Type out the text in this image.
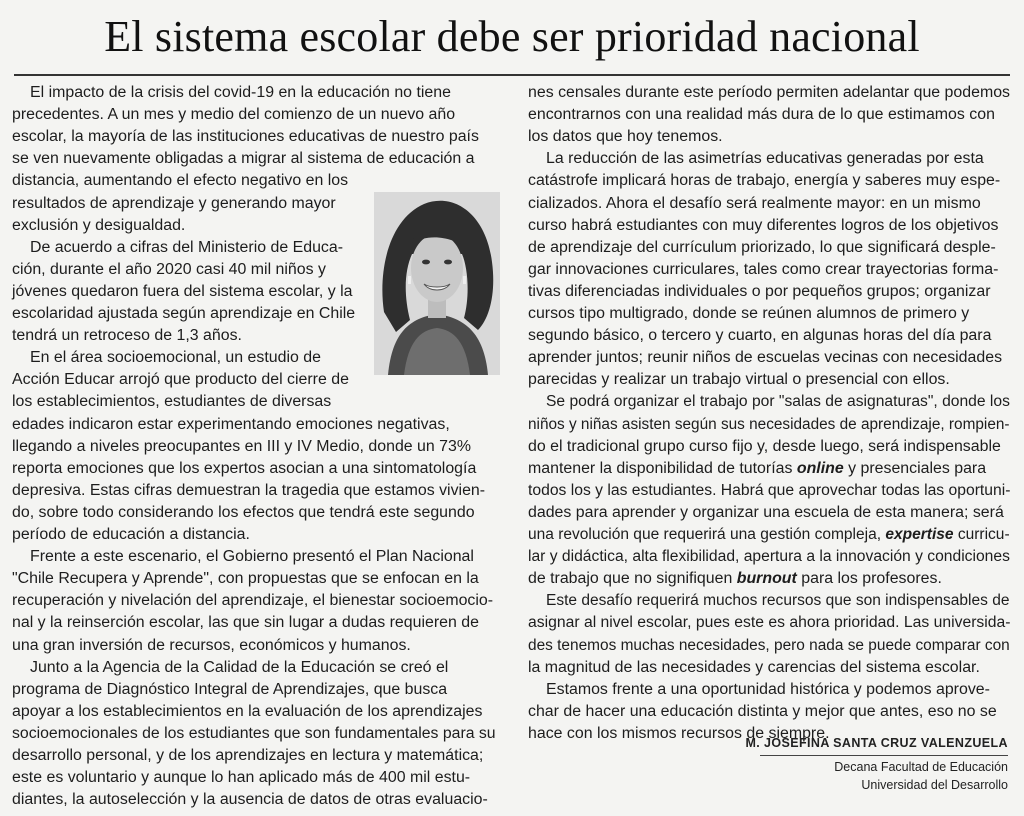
El sistema escolar debe ser prioridad nacional
El impacto de la crisis del covid-19 en la educación no tiene
precedentes. A un mes y medio del comienzo de un nuevo año
escolar, la mayoría de las instituciones educativas de nuestro país
se ven nuevamente obligadas a migrar al sistema de educación a
distancia, aumentando el efecto negativo en los
resultados de aprendizaje y generando mayor
exclusión y desigualdad.
De acuerdo a cifras del Ministerio de Educa-
ción, durante el año 2020 casi 40 mil niños y
jóvenes quedaron fuera del sistema escolar, y la
escolaridad ajustada según aprendizaje en Chile
tendrá un retroceso de 1,3 años.
En el área socioemocional, un estudio de
Acción Educar arrojó que producto del cierre de
los establecimientos, estudiantes de diversas
edades indicaron estar experimentando emociones negativas,
llegando a niveles preocupantes en III y IV Medio, donde un 73%
reporta emociones que los expertos asocian a una sintomatología
depresiva. Estas cifras demuestran la tragedia que estamos vivien-
do, sobre todo considerando los efectos que tendrá este segundo
período de educación a distancia.
Frente a este escenario, el Gobierno presentó el Plan Nacional
"Chile Recupera y Aprende", con propuestas que se enfocan en la
recuperación y nivelación del aprendizaje, el bienestar socioemocio-
nal y la reinserción escolar, las que sin lugar a dudas requieren de
una gran inversión de recursos, económicos y humanos.
Junto a la Agencia de la Calidad de la Educación se creó el
programa de Diagnóstico Integral de Aprendizajes, que busca
apoyar a los establecimientos en la evaluación de los aprendizajes
socioemocionales de los estudiantes que son fundamentales para su
desarrollo personal, y de los aprendizajes en lectura y matemática;
este es voluntario y aunque lo han aplicado más de 400 mil estu-
diantes, la autoselección y la ausencia de datos de otras evaluacio-
nes censales durante este período permiten adelantar que podemos
encontrarnos con una realidad más dura de lo que estimamos con
los datos que hoy tenemos.
La reducción de las asimetrías educativas generadas por esta
catástrofe implicará horas de trabajo, energía y saberes muy espe-
cializados. Ahora el desafío será realmente mayor: en un mismo
curso habrá estudiantes con muy diferentes logros de los objetivos
de aprendizaje del currículum priorizado, lo que significará desple-
gar innovaciones curriculares, tales como crear trayectorias forma-
tivas diferenciadas individuales o por pequeños grupos; organizar
cursos tipo multigrado, donde se reúnen alumnos de primero y
segundo básico, o tercero y cuarto, en algunas horas del día para
aprender juntos; reunir niños de escuelas vecinas con necesidades
parecidas y realizar un trabajo virtual o presencial con ellos.
Se podrá organizar el trabajo por "salas de asignaturas", donde los
niños y niñas asisten según sus necesidades de aprendizaje, rompien-
do el tradicional grupo curso fijo y, desde luego, será indispensable
mantener la disponibilidad de tutorías online y presenciales para
todos los y las estudiantes. Habrá que aprovechar todas las oportuni-
dades para aprender y organizar una escuela de esta manera; será
una revolución que requerirá una gestión compleja, expertise curricu-
lar y didáctica, alta flexibilidad, apertura a la innovación y condiciones
de trabajo que no signifiquen burnout para los profesores.
Este desafío requerirá muchos recursos que son indispensables de
asignar al nivel escolar, pues este es ahora prioridad. Las universida-
des tenemos muchas necesidades, pero nada se puede comparar con
la magnitud de las necesidades y carencias del sistema escolar.
Estamos frente a una oportunidad histórica y podemos aprove-
char de hacer una educación distinta y mejor que antes, eso no se
hace con los mismos recursos de siempre.
M. JOSEFINA SANTA CRUZ VALENZUELA
Decana Facultad de Educación
Universidad del Desarrollo
